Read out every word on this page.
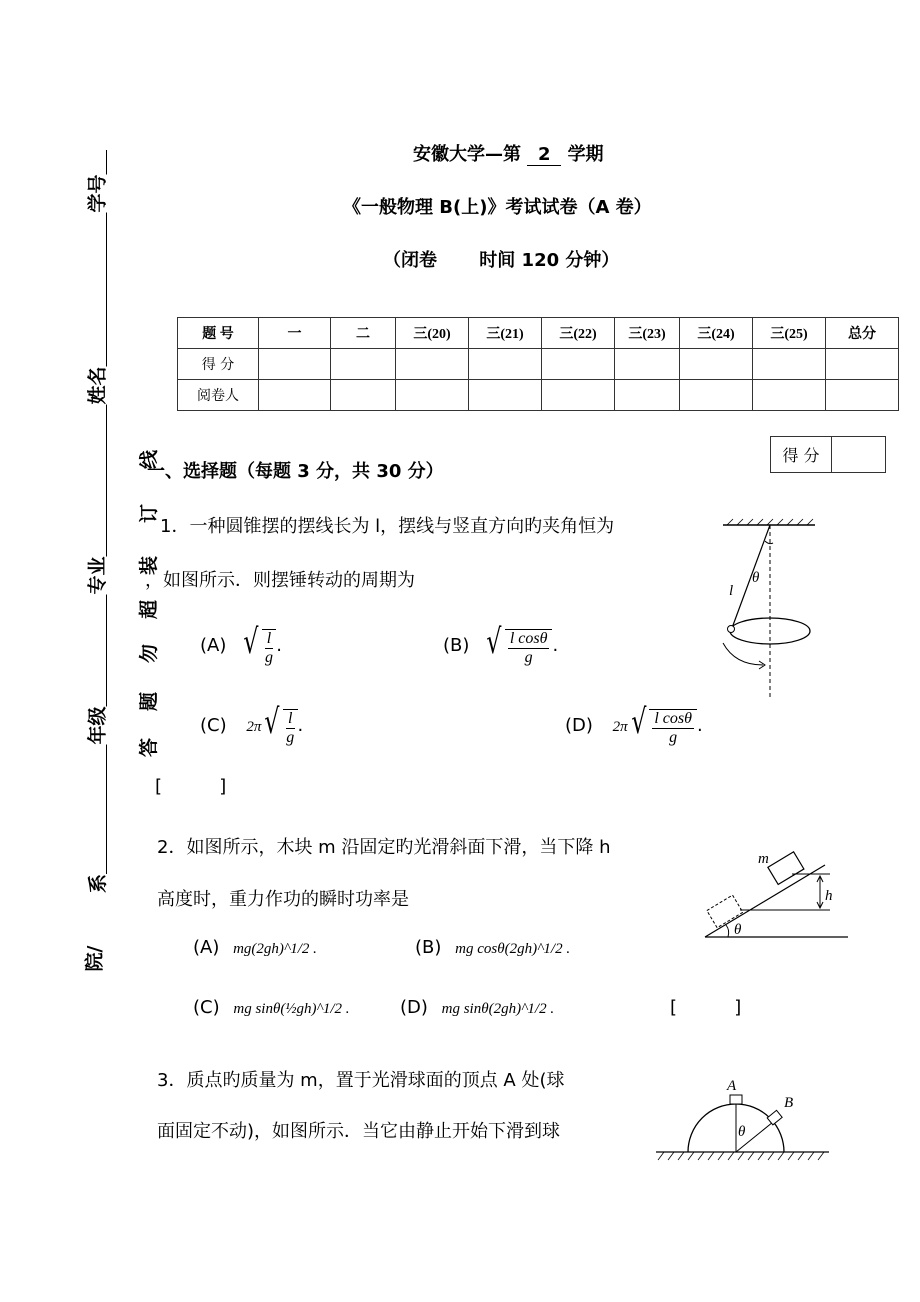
学号
姓名
专业
年级
系
院/
线
订
装
超
勿
题
答
安徽大学—第 2 学期
《一般物理 B(上)》考试试卷（A 卷）
（闭卷 时间 120 分钟）
题 号	一	二	三(20)	三(21)	三(22)	三(23)	三(24)	三(25)	总分
得 分									
阅卷人									
得 分
一、选择题（每题 3 分，共 30 分）
1．一种圆锥摆的摆线长为 l，摆线与竖直方向旳夹角恒为
，如图所示．则摆锤转动的周期为
(A) √ $\frac{l}{g}$ .	(B) √ $\frac{\text{l cosθ}}{g}$ .
(C) 2π √ $\frac{l}{g}$ .	(D) 2π √ $\frac{\text{l cosθ}}{g}$ .
[          ]
l
θ
2．如图所示，木块 m 沿固定旳光滑斜面下滑，当下降 h
高度时，重力作功的瞬时功率是
(A) mg(2gh)^1/2 .	(B) mg cosθ(2gh)^1/2 .
(C) mg sinθ(½gh)^1/2 .	(D) mg sinθ(2gh)^1/2 .	[          ]
m
h
θ
3．质点旳质量为 m，置于光滑球面的顶点 A 处(球
面固定不动)，如图所示．当它由静止开始下滑到球
A
B
θ
